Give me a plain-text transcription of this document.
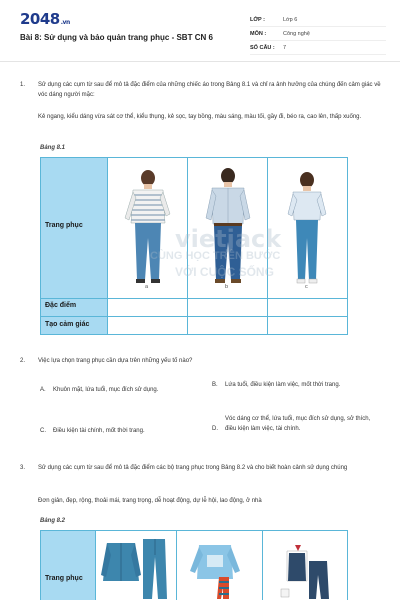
2048.vn
Bài 8: Sử dụng và bảo quản trang phục - SBT CN 6
LỚP :	Lớp 6
MÔN :	Công nghệ
SỐ CÂU :	7
1. Sử dụng các cụm từ sau để mô tả đặc điểm của những chiếc áo trong Bảng 8.1 và chỉ ra ảnh hưởng của chúng đến cảm giác về vóc dáng người mặc:
Kẻ ngang, kiểu dáng vừa sát cơ thể, kiểu thụng, kẻ sọc, tay bồng, màu sáng, màu tối, gầy đi, béo ra, cao lên, thấp xuống.
Bảng 8.1
Trang phục
Đặc điểm
Tạo cảm giác
a	b	c
vietjack
CÙNG HỌC TRÊN BƯỚC
VỚI CUỘC SỐNG
2. Việc lựa chọn trang phục cần dựa trên những yếu tố nào?
A. Khuôn mặt, lứa tuổi, mục đích sử dụng.
B. Lứa tuổi, điều kiện làm việc, mốt thời trang.
C. Điều kiện tài chính, mốt thời trang.	D.
Vóc dáng cơ thể, lứa tuổi, mục đích sử dụng, sở thích, điều kiện làm việc, tài chính.
3. Sử dụng các cụm từ sau để mô tả đặc điểm các bộ trang phục trong Bảng 8.2 và cho biết hoàn cảnh sử dụng chúng
Đơn giản, đẹp, rộng, thoải mái, trang trọng, dễ hoạt động, dự lễ hội, lao động, ở nhà
Bảng 8.2
Trang phục
